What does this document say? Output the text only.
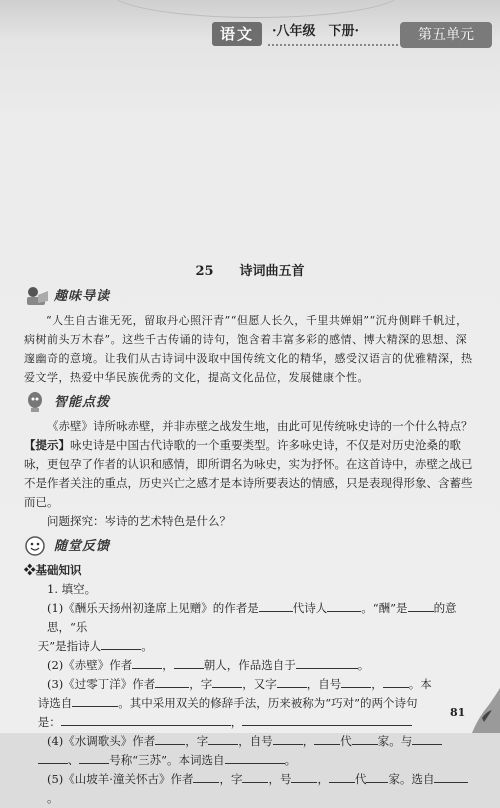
语文	·八年级　下册·	第五单元
25　　 诗词曲五首
趣味导读

“人生自古谁无死，留取丹心照汗青”“但愿人长久，千里共婵娟”“沉舟侧畔千帆过，病树前头万木春”。这些千古传诵的诗句，饱含着丰富多彩的感情、博大精深的思想、深邃幽奇的意境。让我们从古诗词中汲取中国传统文化的精华，感受汉语言的优雅精深，热爱文学，热爱中华民族优秀的文化，提高文化品位，发展健康个性。

智能点拨

《赤壁》诗所咏赤壁，并非赤壁之战发生地，由此可见传统咏史诗的一个什么特点？

【提示】咏史诗是中国古代诗歌的一个重要类型。许多咏史诗，不仅是对历史沧桑的歌咏，更包孕了作者的认识和感情，即所谓名为咏史，实为抒怀。在这首诗中，赤壁之战已不是作者关注的重点，历史兴亡之感才是本诗所要表达的情感，只是表现得形象、含蓄些而已。

问题探究：岑诗的艺术特色是什么？

随堂反馈

❖基础知识

1. 填空。

(1)《酬乐天扬州初逢席上见赠》的作者是	代诗人	。“酬”是 的意思，“乐

天”是指诗人	。

(2)《赤壁》作者	，	朝人，作品选自于	。

(3)《过零丁洋》作者	，字	，又字	，自号	， 。本

诗选自	。其中采用双关的修辞手法，历来被称为“巧对”的两个诗句

是：	，

(4)《水调歌头》作者	，字	，自号	， 代 家。与

、	号称“三苏”。本词选自	。

(5)《山坡羊·潼关怀古》作者 ，字 ，号 ， 代 家。选自。

81
